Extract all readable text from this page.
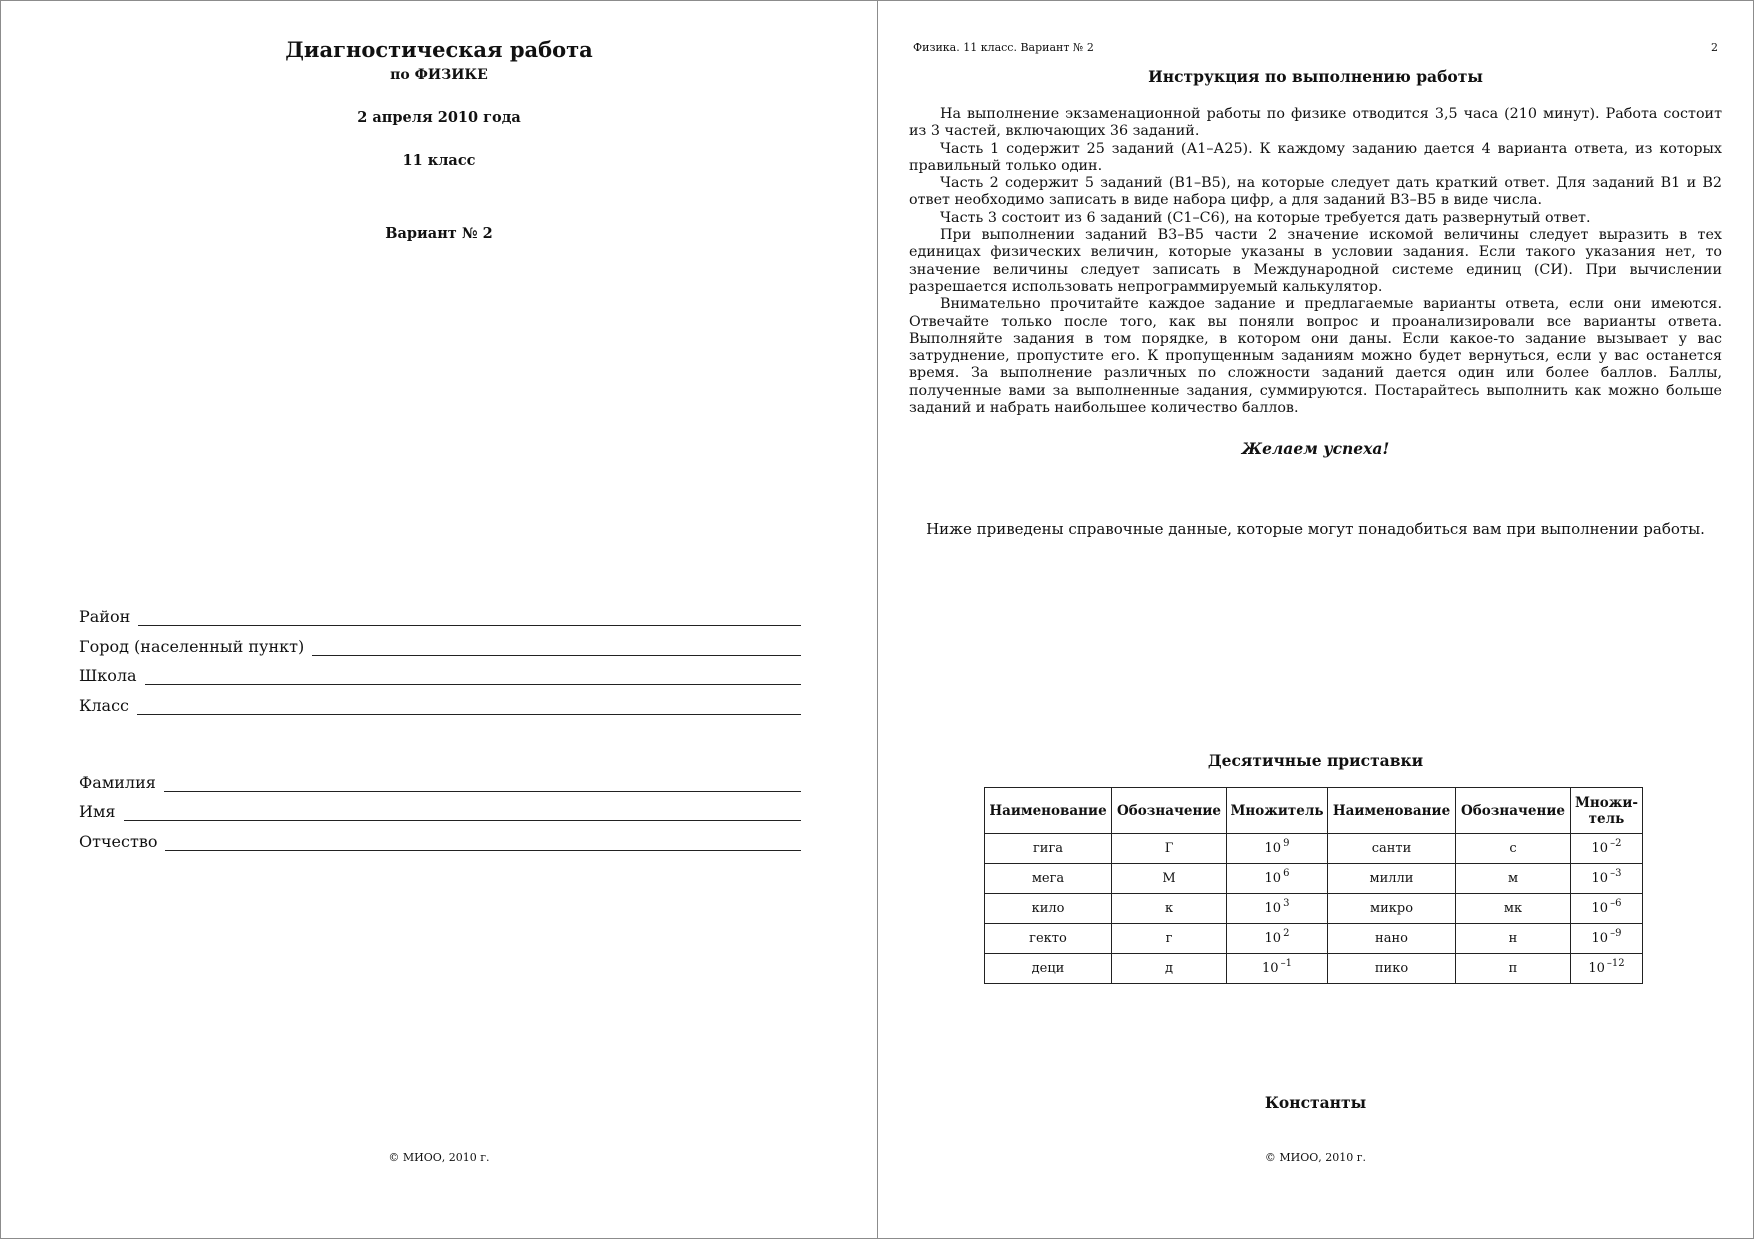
Диагностическая работа
по ФИЗИКЕ
2 апреля 2010 года
11 класс
Вариант № 2
Район
Город (населенный пункт)
Школа
Класс
Фамилия
Имя
Отчество
© МИОО, 2010 г.
Физика. 11 класс. Вариант № 2	2
Инструкция по выполнению работы

На выполнение экзаменационной работы по физике отводится 3,5 часа (210 минут). Работа состоит из 3 частей, включающих 36 заданий.

Часть 1 содержит 25 заданий (А1–А25). К каждому заданию дается 4 варианта ответа, из которых правильный только один.

Часть 2 содержит 5 заданий (В1–В5), на которые следует дать краткий ответ. Для заданий В1 и В2 ответ необходимо записать в виде набора цифр, а для заданий В3–В5 в виде числа.

Часть 3 состоит из 6 заданий (С1–С6), на которые требуется дать развернутый ответ.

При выполнении заданий В3–В5 части 2 значение искомой величины следует выразить в тех единицах физических величин, которые указаны в условии задания. Если такого указания нет, то значение величины следует записать в Международной системе единиц (СИ). При вычислении разрешается использовать непрограммируемый калькулятор.

Внимательно прочитайте каждое задание и предлагаемые варианты ответа, если они имеются. Отвечайте только после того, как вы поняли вопрос и проанализировали все варианты ответа. Выполняйте задания в том порядке, в котором они даны. Если какое-то задание вызывает у вас затруднение, пропустите его. К пропущенным заданиям можно будет вернуться, если у вас останется время. За выполнение различных по сложности заданий дается один или более баллов. Баллы, полученные вами за выполненные задания, суммируются. Постарайтесь выполнить как можно больше заданий и набрать наибольшее количество баллов.

Желаем успеха!
Ниже приведены справочные данные, которые могут понадобиться вам при выполнении работы.
Десятичные приставки
Наименование	Обозначение	Множитель	Наименование	Обозначение	Множи-тель
гига	Г	10 $^9$	санти	с	10 $^{-2}$
мега	М	10 $^6$	милли	м	10 $^{-3}$
кило	к	10 $^3$	микро	мк	10 $^{-6}$
гекто	г	10 $^2$	нано	н	10 $^{-9}$
деци	д	10 $^{-1}$	пико	п	10 $^{-12}$
Константы
© МИОО, 2010 г.
